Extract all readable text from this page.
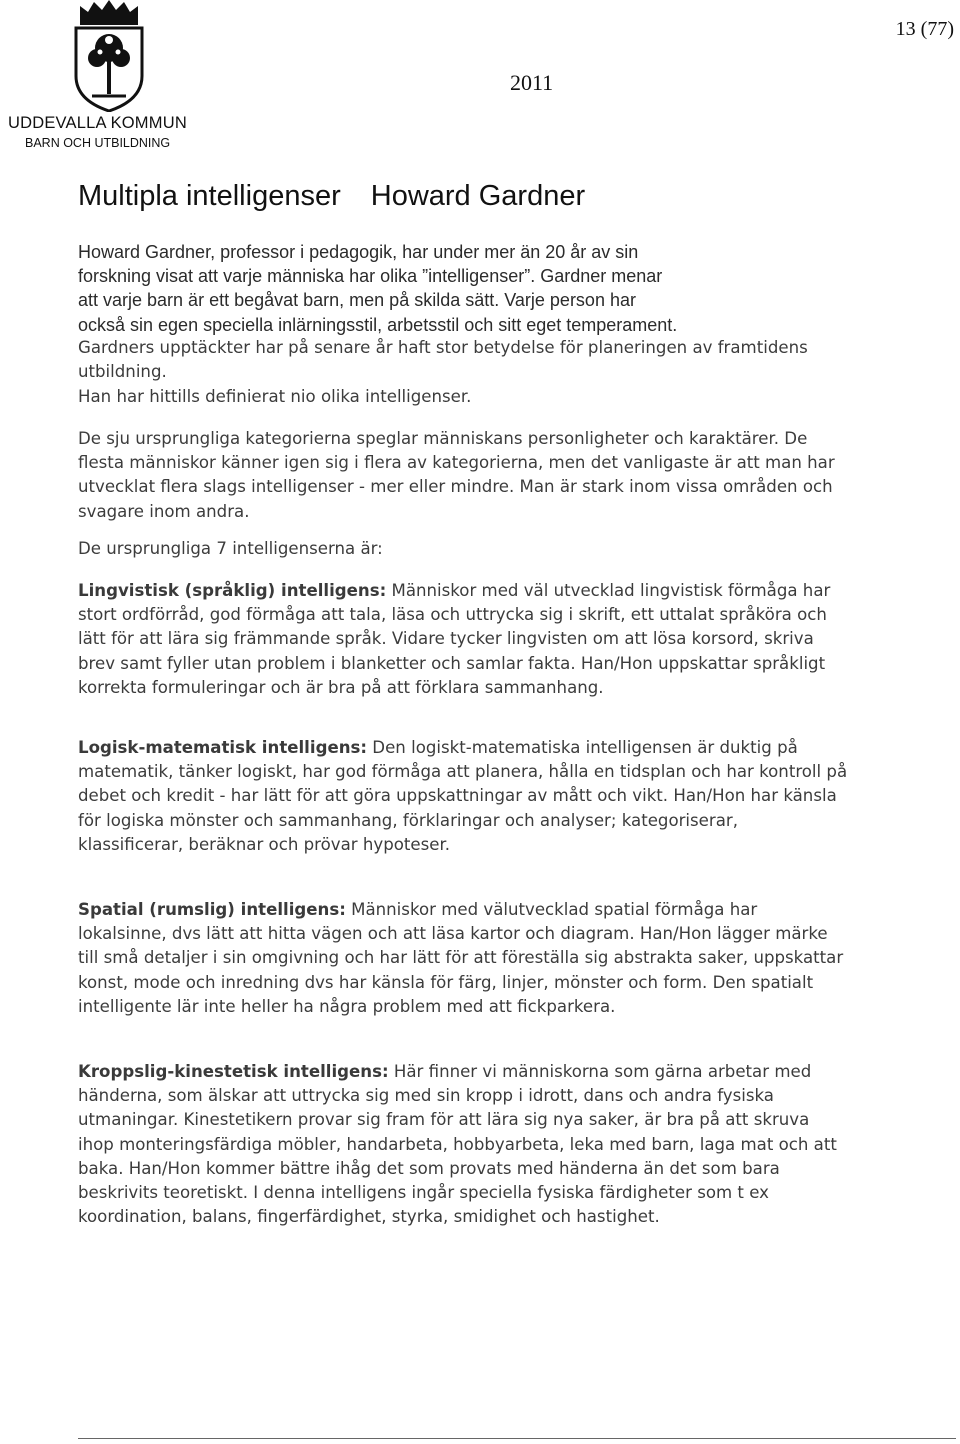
UDDEVALLA KOMMUN
BARN OCH UTBILDNING
2011
13 (77)
Multipla intelligenser Howard Gardner

Howard Gardner, professor i pedagogik, har under mer än 20 år av sin
forskning visat att varje människa har olika ”intelligenser”. Gardner menar
att varje barn är ett begåvat barn, men på skilda sätt. Varje person har
också sin egen speciella inlärningsstil, arbetsstil och sitt eget temperament.

Gardners upptäckter har på senare år haft stor betydelse för planeringen av framtidens utbildning.

Han har hittills definierat nio olika intelligenser.

De sju ursprungliga kategorierna speglar människans personligheter och karaktärer. De flesta människor känner igen sig i flera av kategorierna, men det vanligaste är att man har utvecklat flera slags intelligenser - mer eller mindre. Man är stark inom vissa områden och svagare inom andra.

De ursprungliga 7 intelligenserna är:

Lingvistisk (språklig) intelligens: Människor med väl utvecklad lingvistisk förmåga har stort ordförråd, god förmåga att tala, läsa och uttrycka sig i skrift, ett uttalat språköra och lätt för att lära sig främmande språk. Vidare tycker lingvisten om att lösa korsord, skriva brev samt fyller utan problem i blanketter och samlar fakta. Han/Hon uppskattar språkligt korrekta formuleringar och är bra på att förklara sammanhang.

Logisk-matematisk intelligens: Den logiskt-matematiska intelligensen är duktig på matematik, tänker logiskt, har god förmåga att planera, hålla en tidsplan och har kontroll på debet och kredit - har lätt för att göra uppskattningar av mått och vikt. Han/Hon har känsla för logiska mönster och sammanhang, förklaringar och analyser; kategoriserar, klassificerar, beräknar och prövar hypoteser.

Spatial (rumslig) intelligens: Människor med välutvecklad spatial förmåga har lokalsinne, dvs lätt att hitta vägen och att läsa kartor och diagram. Han/Hon lägger märke till små detaljer i sin omgivning och har lätt för att föreställa sig abstrakta saker, uppskattar konst, mode och inredning dvs har känsla för färg, linjer, mönster och form. Den spatialt intelligente lär inte heller ha några problem med att fickparkera.

Kroppslig-kinestetisk intelligens: Här finner vi människorna som gärna arbetar med händerna, som älskar att uttrycka sig med sin kropp i idrott, dans och andra fysiska utmaningar. Kinestetikern provar sig fram för att lära sig nya saker, är bra på att skruva ihop monteringsfärdiga möbler, handarbeta, hobbyarbeta, leka med barn, laga mat och att baka. Han/Hon kommer bättre ihåg det som provats med händerna än det som bara beskrivits teoretiskt. I denna intelligens ingår speciella fysiska färdigheter som t ex koordination, balans, fingerfärdighet, styrka, smidighet och hastighet.
